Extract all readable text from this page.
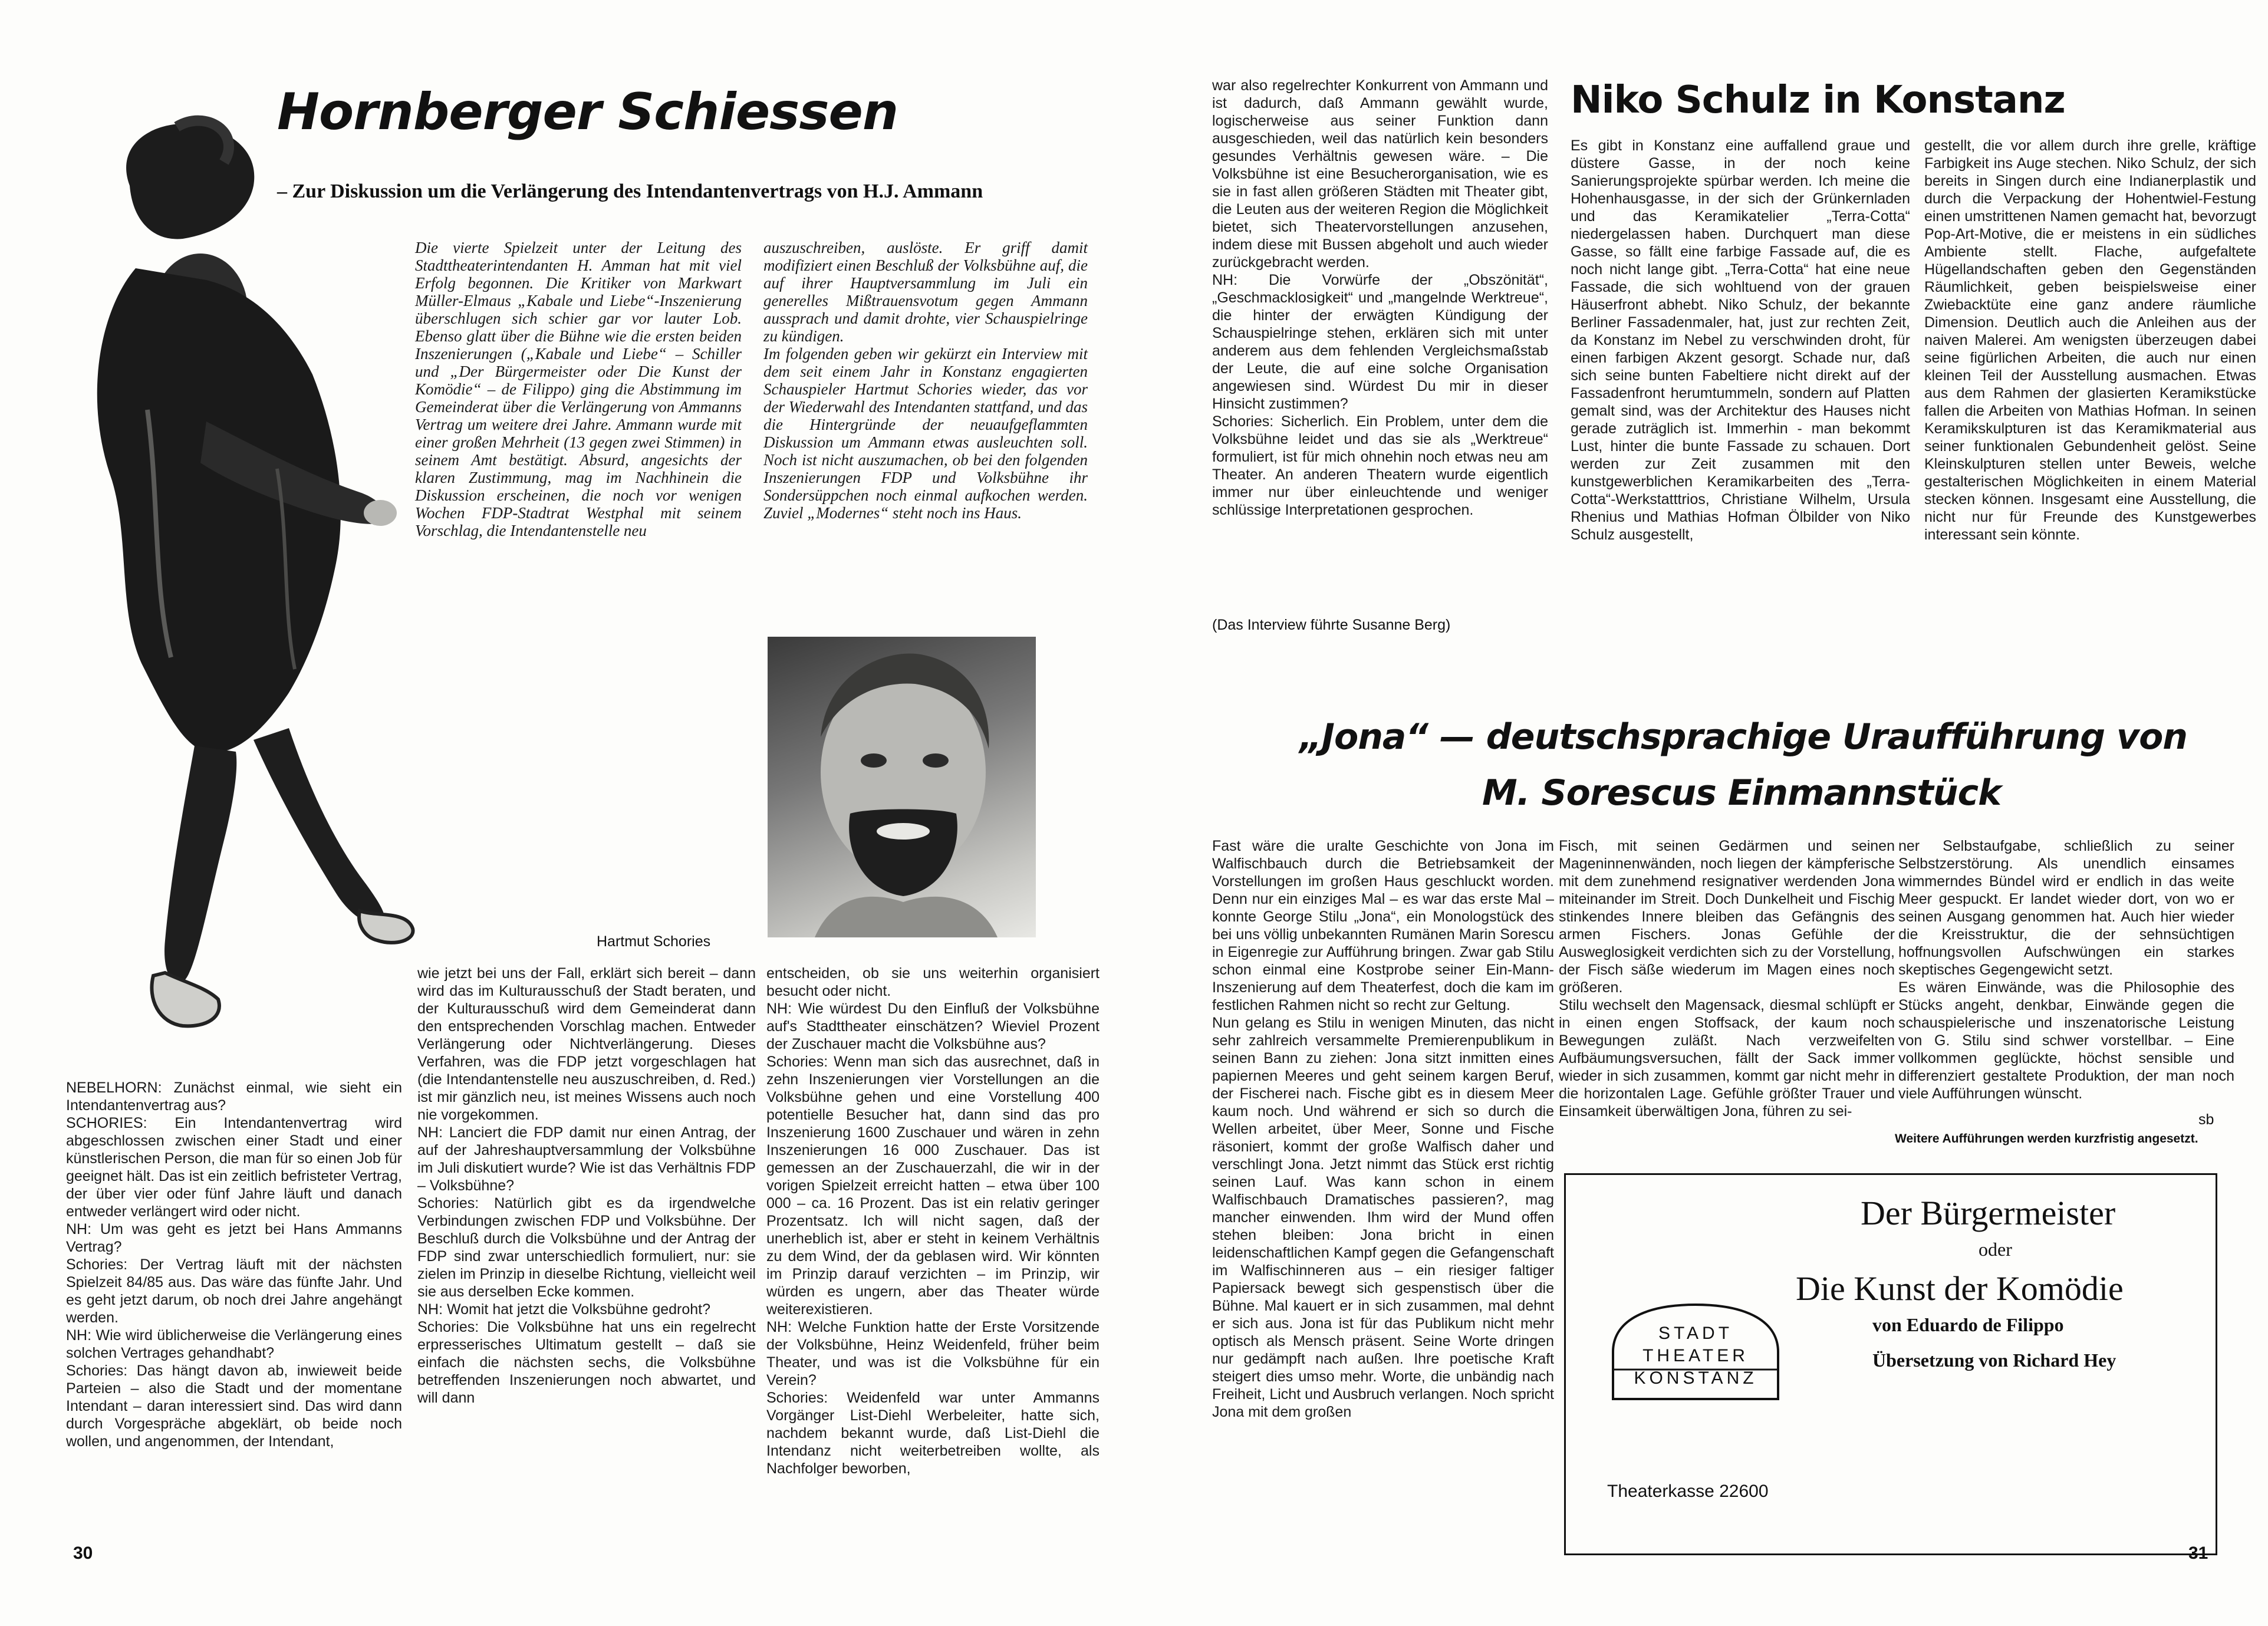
Hornberger Schiessen
– Zur Diskussion um die Verlängerung des Intendantenvertrags von H.J. Ammann
Die vierte Spielzeit unter der Leitung des Stadttheaterintendanten H. Amman hat mit viel Erfolg begonnen. Die Kritiker von Markwart Müller-Elmaus „Kabale und Liebe“-Inszenierung überschlugen sich schier gar vor lauter Lob. Ebenso glatt über die Bühne wie die ersten beiden Inszenierungen („Kabale und Liebe“ – Schiller und „Der Bürgermeister oder Die Kunst der Komödie“ – de Filippo) ging die Abstimmung im Gemeinderat über die Verlängerung von Ammanns Vertrag um weitere drei Jahre. Ammann wurde mit einer großen Mehrheit (13 gegen zwei Stimmen) in seinem Amt bestätigt. Absurd, angesichts der klaren Zustimmung, mag im Nachhinein die Diskussion erscheinen, die noch vor wenigen Wochen FDP-Stadtrat Westphal mit seinem Vorschlag, die Intendantenstelle neu
auszuschreiben, auslöste. Er griff damit modifiziert einen Beschluß der Volksbühne auf, die auf ihrer Hauptversammlung im Juli ein generelles Mißtrauensvotum gegen Ammann aussprach und damit drohte, vier Schauspielringe zu kündigen.
Im folgenden geben wir gekürzt ein Interview mit dem seit einem Jahr in Konstanz engagierten Schauspieler Hartmut Schories wieder, das vor der Wiederwahl des Intendanten stattfand, und das die Hintergründe der neuaufgeflammten Diskussion um Ammann etwas ausleuchten soll. Noch ist nicht auszumachen, ob bei den folgenden Inszenierungen FDP und Volksbühne ihr Sondersüppchen noch einmal aufkochen werden. Zuviel „Modernes“ steht noch ins Haus.
Hartmut Schories
NEBELHORN: Zunächst einmal, wie sieht ein Intendantenvertrag aus?
SCHORIES: Ein Intendantenvertrag wird abgeschlossen zwischen einer Stadt und einer künstlerischen Person, die man für so einen Job für geeignet hält. Das ist ein zeitlich befristeter Vertrag, der über vier oder fünf Jahre läuft und danach entweder verlängert wird oder nicht.
NH: Um was geht es jetzt bei Hans Ammanns Vertrag?
Schories: Der Vertrag läuft mit der nächsten Spielzeit 84/85 aus. Das wäre das fünfte Jahr. Und es geht jetzt darum, ob noch drei Jahre angehängt werden.
NH: Wie wird üblicherweise die Verlängerung eines solchen Vertrages gehandhabt?
Schories: Das hängt davon ab, inwieweit beide Parteien – also die Stadt und der momentane Intendant – daran interessiert sind. Das wird dann durch Vorgespräche abgeklärt, ob beide noch wollen, und angenommen, der Intendant,
wie jetzt bei uns der Fall, erklärt sich bereit – dann wird das im Kulturausschuß der Stadt beraten, und der Kulturausschuß wird dem Gemeinderat dann den entsprechenden Vorschlag machen. Entweder Verlängerung oder Nichtverlängerung. Dieses Verfahren, was die FDP jetzt vorgeschlagen hat (die Intendantenstelle neu auszuschreiben, d. Red.) ist mir gänzlich neu, ist meines Wissens auch noch nie vorgekommen.
NH: Lanciert die FDP damit nur einen Antrag, der auf der Jahreshauptversammlung der Volksbühne im Juli diskutiert wurde? Wie ist das Verhältnis FDP – Volksbühne?
Schories: Natürlich gibt es da irgendwelche Verbindungen zwischen FDP und Volksbühne. Der Beschluß durch die Volksbühne und der Antrag der FDP sind zwar unterschiedlich formuliert, nur: sie zielen im Prinzip in dieselbe Richtung, vielleicht weil sie aus derselben Ecke kommen.
NH: Womit hat jetzt die Volksbühne gedroht?
Schories: Die Volksbühne hat uns ein regelrecht erpresserisches Ultimatum gestellt – daß sie einfach die nächsten sechs, die Volksbühne betreffenden Inszenierungen noch abwartet, und will dann
entscheiden, ob sie uns weiterhin organisiert besucht oder nicht.
NH: Wie würdest Du den Einfluß der Volksbühne auf's Stadttheater einschätzen? Wieviel Prozent der Zuschauer macht die Volksbühne aus?
Schories: Wenn man sich das ausrechnet, daß in zehn Inszenierungen vier Vorstellungen an die Volksbühne gehen und eine Vorstellung 400 potentielle Besucher hat, dann sind das pro Inszenierung 1600 Zuschauer und wären in zehn Inszenierungen 16 000 Zuschauer. Das ist gemessen an der Zuschauerzahl, die wir in der vorigen Spielzeit erreicht hatten – etwa über 100 000 – ca. 16 Prozent. Das ist ein relativ geringer Prozentsatz. Ich will nicht sagen, daß der unerheblich ist, aber er steht in keinem Verhältnis zu dem Wind, der da geblasen wird. Wir könnten im Prinzip darauf verzichten – im Prinzip, wir würden es ungern, aber das Theater würde weiterexistieren.
NH: Welche Funktion hatte der Erste Vorsitzende der Volksbühne, Heinz Weidenfeld, früher beim Theater, und was ist die Volksbühne für ein Verein?
Schories: Weidenfeld war unter Ammanns Vorgänger List-Diehl Werbeleiter, hatte sich, nachdem bekannt wurde, daß List-Diehl die Intendanz nicht weiterbetreiben wollte, als Nachfolger beworben,
30
war also regelrechter Konkurrent von Ammann und ist dadurch, daß Ammann gewählt wurde, logischerweise aus seiner Funktion dann ausgeschieden, weil das natürlich kein besonders gesundes Verhältnis gewesen wäre. – Die Volksbühne ist eine Besucherorganisation, wie es sie in fast allen größeren Städten mit Theater gibt, die Leuten aus der weiteren Region die Möglichkeit bietet, sich Theatervorstellungen anzusehen, indem diese mit Bussen abgeholt und auch wieder zurückgebracht werden.
NH: Die Vorwürfe der „Obszönität“, „Geschmacklosigkeit“ und „mangelnde Werktreue“, die hinter der erwägten Kündigung der Schauspielringe stehen, erklären sich mit unter anderem aus dem fehlenden Vergleichsmaßstab der Leute, die auf eine solche Organisation angewiesen sind. Würdest Du mir in dieser Hinsicht zustimmen?
Schories: Sicherlich. Ein Problem, unter dem die Volksbühne leidet und das sie als „Werktreue“ formuliert, ist für mich ohnehin noch etwas neu am Theater. An anderen Theatern wurde eigentlich immer nur über einleuchtende und weniger schlüssige Interpretationen gesprochen.
(Das Interview führte Susanne Berg)
Niko Schulz in Konstanz
Es gibt in Konstanz eine auffallend graue und düstere Gasse, in der noch keine Sanierungsprojekte spürbar werden. Ich meine die Hohenhausgasse, in der sich der Grünkernladen und das Keramikatelier „Terra-Cotta“ niedergelassen haben. Durchquert man diese Gasse, so fällt eine farbige Fassade auf, die es noch nicht lange gibt. „Terra-Cotta“ hat eine neue Fassade, die sich wohltuend von der grauen Häuserfront abhebt. Niko Schulz, der bekannte Berliner Fassadenmaler, hat, just zur rechten Zeit, da Konstanz im Nebel zu verschwinden droht, für einen farbigen Akzent gesorgt. Schade nur, daß sich seine bunten Fabeltiere nicht direkt auf der Fassadenfront herumtummeln, sondern auf Platten gemalt sind, was der Architektur des Hauses nicht gerade zuträglich ist. Immerhin - man bekommt Lust, hinter die bunte Fassade zu schauen. Dort werden zur Zeit zusammen mit den kunstgewerblichen Keramikarbeiten des „Terra-Cotta“-Werkstatttrios, Christiane Wilhelm, Ursula Rhenius und Mathias Hofman Ölbilder von Niko Schulz ausgestellt,
gestellt, die vor allem durch ihre grelle, kräftige Farbigkeit ins Auge stechen. Niko Schulz, der sich bereits in Singen durch eine Indianerplastik und durch die Verpackung der Hohentwiel-Festung einen umstrittenen Namen gemacht hat, bevorzugt Pop-Art-Motive, die er meistens in ein südliches Ambiente stellt. Flache, aufgefaltete Hügellandschaften geben den Gegenständen Räumlichkeit, geben beispielsweise einer Zwiebacktüte eine ganz andere räumliche Dimension. Deutlich auch die Anleihen aus der naiven Malerei. Am wenigsten überzeugen dabei seine figürlichen Arbeiten, die auch nur einen kleinen Teil der Ausstellung ausmachen. Etwas aus dem Rahmen der glasierten Keramikstücke fallen die Arbeiten von Mathias Hofman. In seinen Keramikskulpturen ist das Keramikmaterial aus seiner funktionalen Gebundenheit gelöst. Seine Kleinskulpturen stellen unter Beweis, welche gestalterischen Möglichkeiten in einem Material stecken können. Insgesamt eine Ausstellung, die nicht nur für Freunde des Kunstgewerbes interessant sein könnte.
„Jona“ — deutschsprachige Uraufführung von
M. Sorescus Einmannstück
Fast wäre die uralte Geschichte von Jona im Walfischbauch durch die Betriebsamkeit der Vorstellungen im großen Haus geschluckt worden. Denn nur ein einziges Mal – es war das erste Mal – konnte George Stilu „Jona“, ein Monologstück des bei uns völlig unbekannten Rumänen Marin Sorescu in Eigenregie zur Aufführung bringen. Zwar gab Stilu schon einmal eine Kostprobe seiner Ein-Mann-Inszenierung auf dem Theaterfest, doch die kam im festlichen Rahmen nicht so recht zur Geltung.
Nun gelang es Stilu in wenigen Minuten, das nicht sehr zahlreich versammelte Premierenpublikum in seinen Bann zu ziehen: Jona sitzt inmitten eines papiernen Meeres und geht seinem kargen Beruf, der Fischerei nach. Fische gibt es in diesem Meer kaum noch. Und während er sich so durch die Wellen arbeitet, über Meer, Sonne und Fische räsoniert, kommt der große Walfisch daher und verschlingt Jona. Jetzt nimmt das Stück erst richtig seinen Lauf. Was kann schon in einem Walfischbauch Dramatisches passieren?, mag mancher einwenden. Ihm wird der Mund offen stehen bleiben: Jona bricht in einen leidenschaftlichen Kampf gegen die Gefangenschaft im Walfischinneren aus – ein riesiger faltiger Papiersack bewegt sich gespenstisch über die Bühne. Mal kauert er in sich zusammen, mal dehnt er sich aus. Jona ist für das Publikum nicht mehr optisch als Mensch präsent. Seine Worte dringen nur gedämpft nach außen. Ihre poetische Kraft steigert dies umso mehr. Worte, die unbändig nach Freiheit, Licht und Ausbruch verlangen. Noch spricht Jona mit dem großen
Fisch, mit seinen Gedärmen und seinen Mageninnenwänden, noch liegen der kämpferische mit dem zunehmend resignativer werdenden Jona miteinander im Streit. Doch Dunkelheit und Fischig stinkendes Innere bleiben das Gefängnis des armen Fischers. Jonas Gefühle der Ausweglosigkeit verdichten sich zu der Vorstellung, der Fisch säße wiederum im Magen eines noch größeren.
Stilu wechselt den Magensack, diesmal schlüpft er in einen engen Stoffsack, der kaum noch Bewegungen zuläßt. Nach verzweifelten Aufbäumungsversuchen, fällt der Sack immer wieder in sich zusammen, kommt gar nicht mehr in die horizontalen Lage. Gefühle größter Trauer und Einsamkeit überwältigen Jona, führen zu sei-
ner Selbstaufgabe, schließlich zu seiner Selbstzerstörung. Als unendlich einsames wimmerndes Bündel wird er endlich in das weite Meer gespuckt. Er landet wieder dort, von wo er seinen Ausgang genommen hat. Auch hier wieder die Kreisstruktur, die der sehnsüchtigen hoffnungsvollen Aufschwüngen ein starkes skeptisches Gegengewicht setzt.
Es wären Einwände, was die Philosophie des Stücks angeht, denkbar, Einwände gegen die schauspielerische und inszenatorische Leistung von G. Stilu sind schwer vorstellbar. – Eine vollkommen geglückte, höchst sensible und differenziert gestaltete Produktion, der man noch viele Aufführungen wünscht.
sb
Weitere Aufführungen werden kurzfristig angesetzt.
Der Bürgermeister
oder
Die Kunst der Komödie
von Eduardo de Filippo
Übersetzung von Richard Hey
STADT THEATER KONSTANZ
Theaterkasse 22600
31
